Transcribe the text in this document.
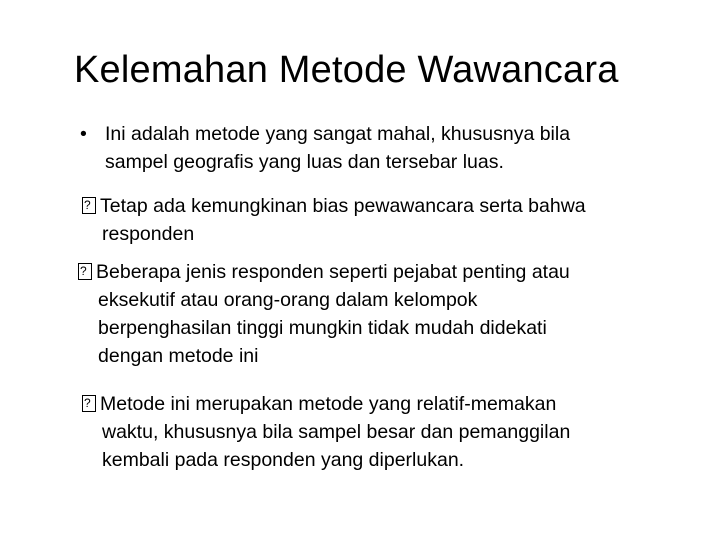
Kelemahan Metode Wawancara
• Ini adalah metode yang sangat mahal, khususnya bila
sampel geografis yang luas dan tersebar luas.
?Tetap ada kemungkinan bias pewawancara serta bahwa
responden
?Beberapa jenis responden seperti pejabat penting atau
eksekutif atau orang-orang dalam kelompok
berpenghasilan tinggi mungkin tidak mudah didekati
dengan metode ini
?Metode ini merupakan metode yang relatif-memakan
waktu, khususnya bila sampel besar dan pemanggilan
kembali pada responden yang diperlukan.
